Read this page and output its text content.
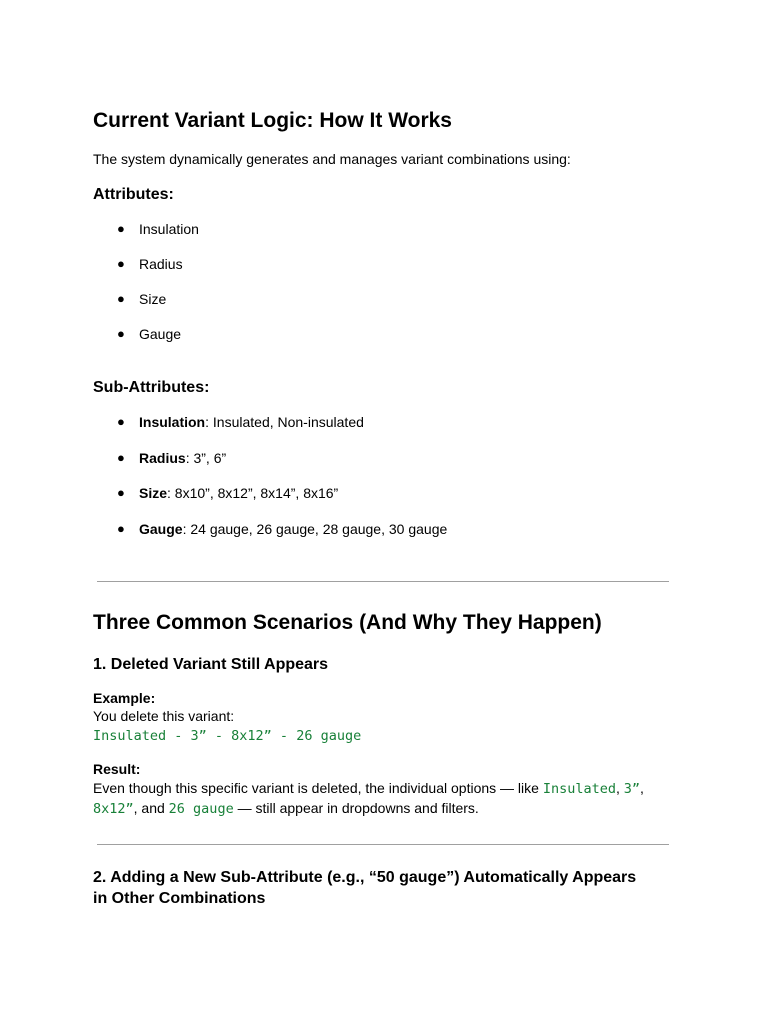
Current Variant Logic: How It Works

The system dynamically generates and manages variant combinations using:

Attributes:
● Insulation
● Radius
● Size
● Gauge
Sub-Attributes:
● Insulation: Insulated, Non-insulated
● Radius: 3”, 6”
● Size: 8x10”, 8x12”, 8x14”, 8x16”
● Gauge: 24 gauge, 26 gauge, 28 gauge, 30 gauge
Three Common Scenarios (And Why They Happen)
1. Deleted Variant Still Appears
Example:
You delete this variant:
Insulated - 3” - 8x12” - 26 gauge
Result:
Even though this specific variant is deleted, the individual options — like Insulated, 3”,
8x12”, and 26 gauge — still appear in dropdowns and filters.
2. Adding a New Sub-Attribute (e.g., “50 gauge”) Automatically Appears
in Other Combinations
